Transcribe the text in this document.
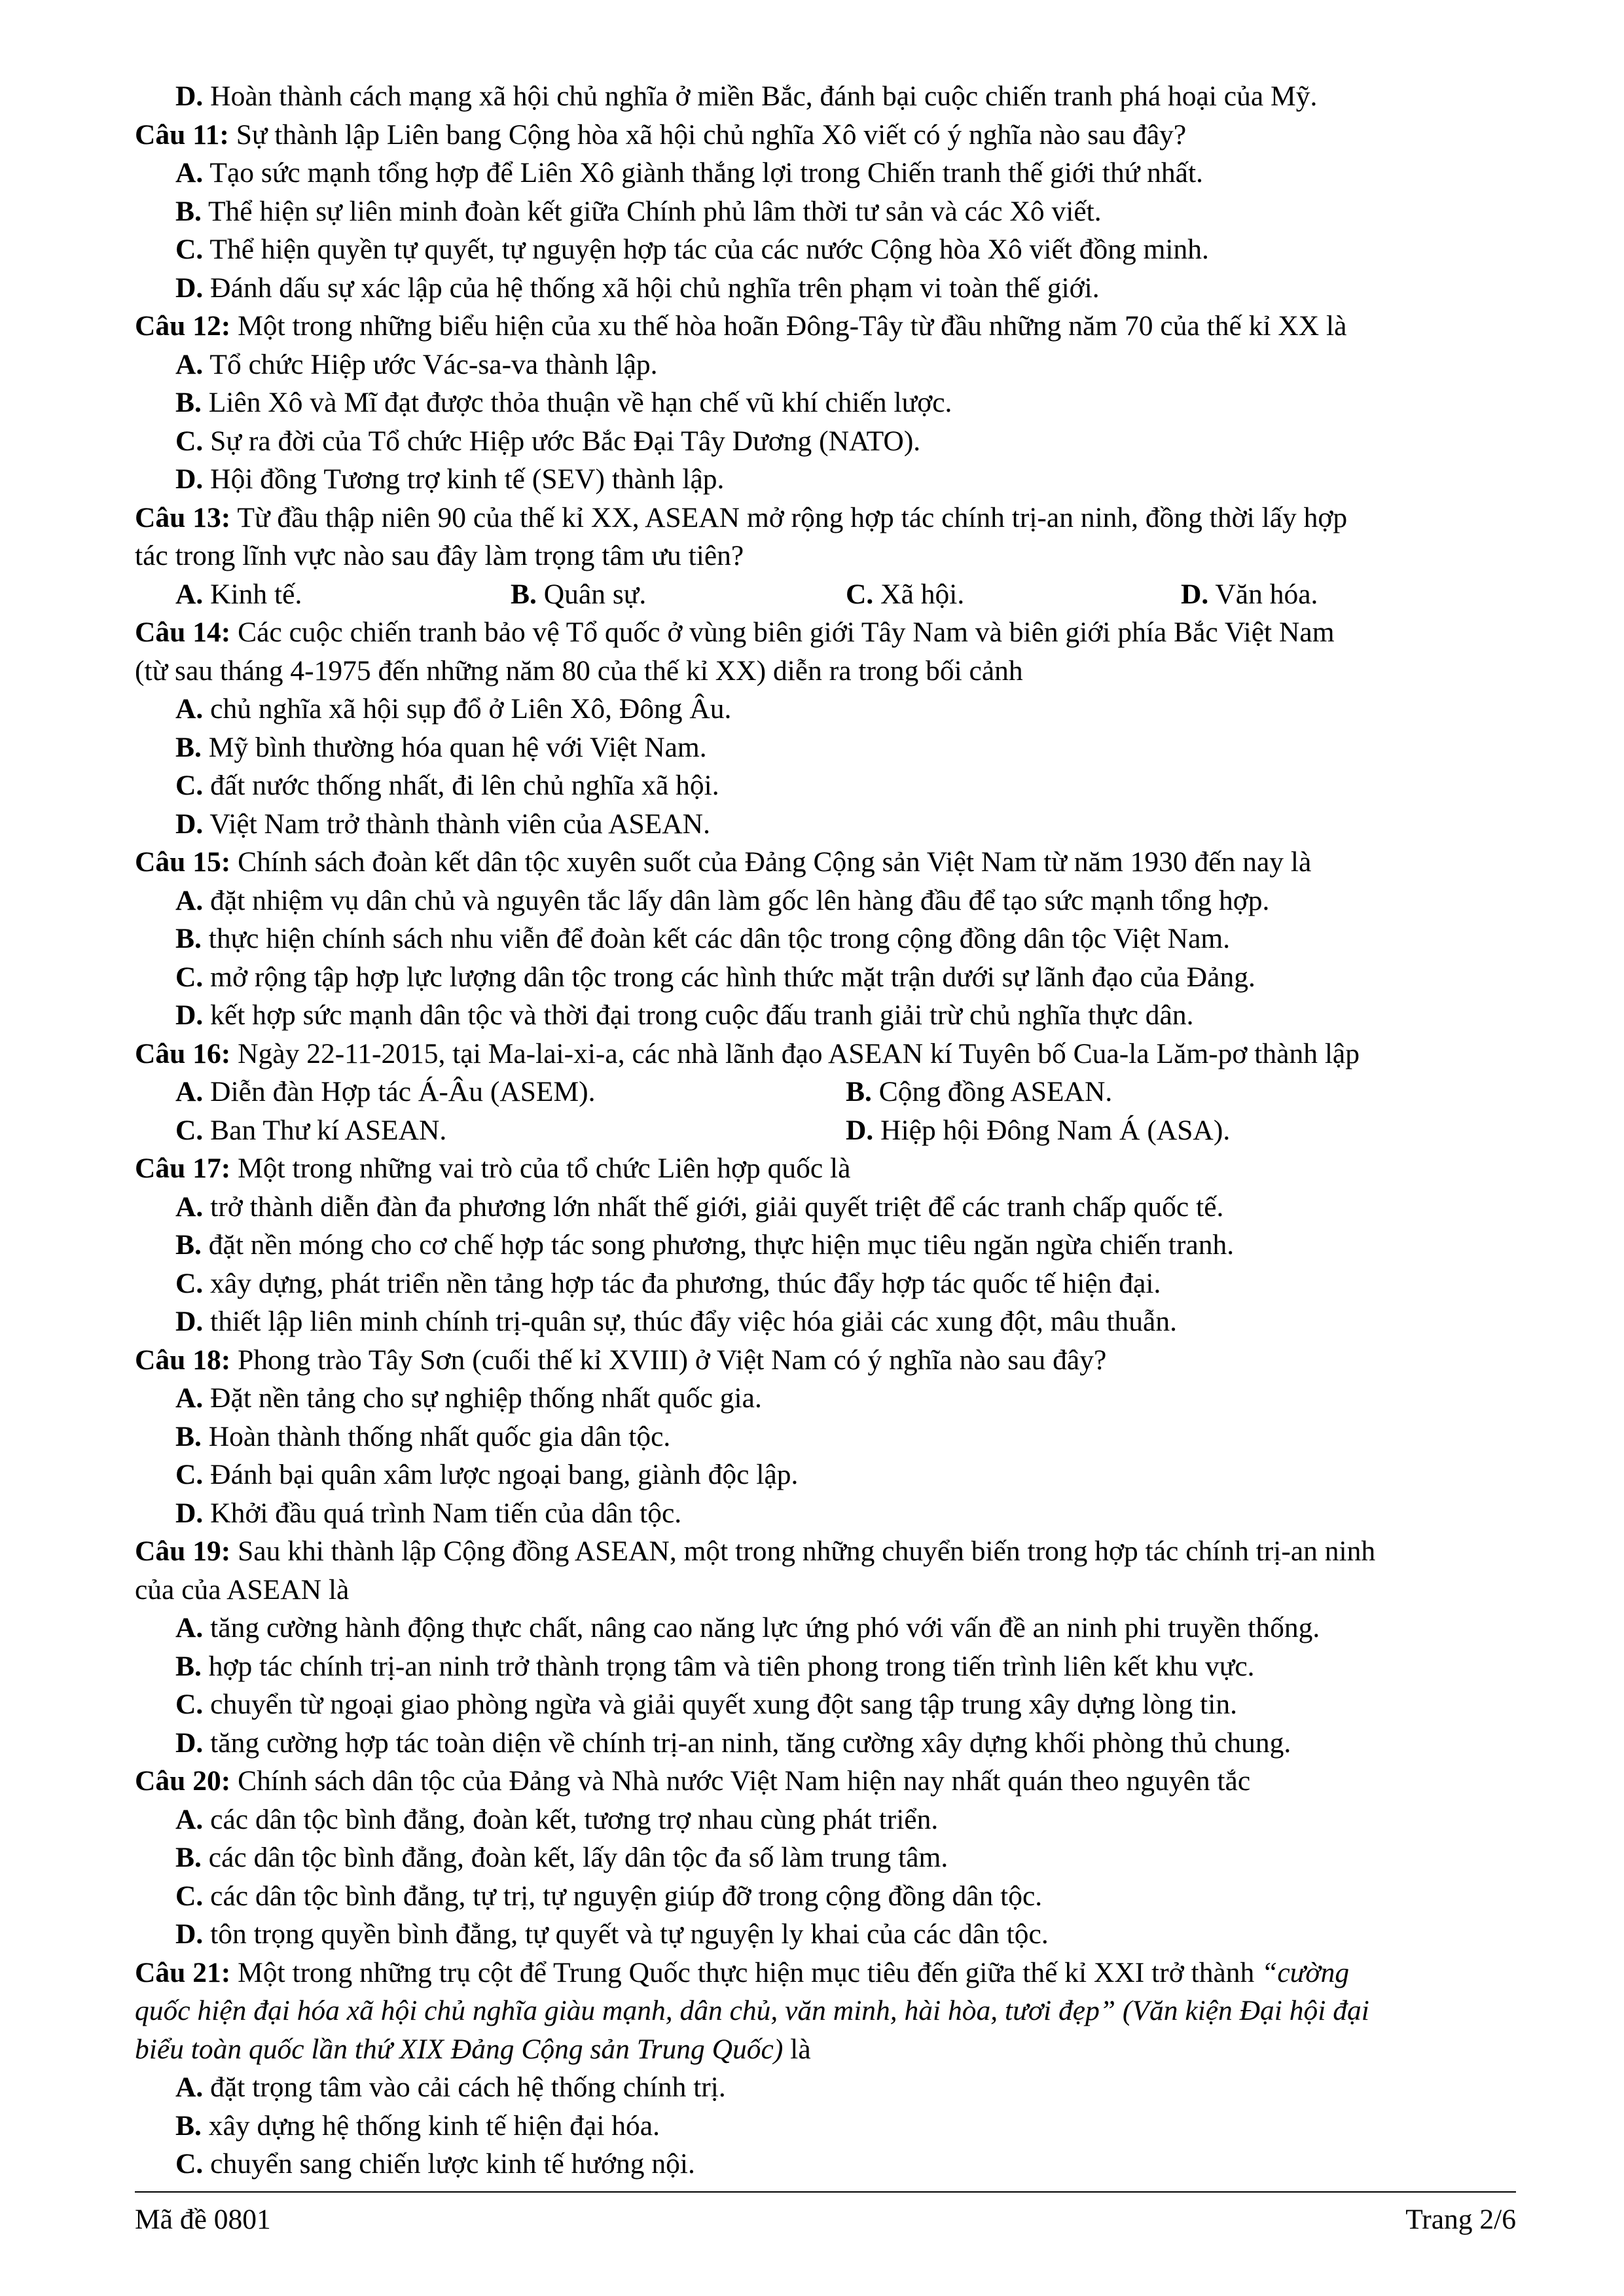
D. Hoàn thành cách mạng xã hội chủ nghĩa ở miền Bắc, đánh bại cuộc chiến tranh phá hoại của Mỹ.
Câu 11: Sự thành lập Liên bang Cộng hòa xã hội chủ nghĩa Xô viết có ý nghĩa nào sau đây?
A. Tạo sức mạnh tổng hợp để Liên Xô giành thắng lợi trong Chiến tranh thế giới thứ nhất.
B. Thể hiện sự liên minh đoàn kết giữa Chính phủ lâm thời tư sản và các Xô viết.
C. Thể hiện quyền tự quyết, tự nguyện hợp tác của các nước Cộng hòa Xô viết đồng minh.
D. Đánh dấu sự xác lập của hệ thống xã hội chủ nghĩa trên phạm vi toàn thế giới.
Câu 12: Một trong những biểu hiện của xu thế hòa hoãn Đông-Tây từ đầu những năm 70 của thế kỉ XX là
A. Tổ chức Hiệp ước Vác-sa-va thành lập.
B. Liên Xô và Mĩ đạt được thỏa thuận về hạn chế vũ khí chiến lược.
C. Sự ra đời của Tổ chức Hiệp ước Bắc Đại Tây Dương (NATO).
D. Hội đồng Tương trợ kinh tế (SEV) thành lập.
Câu 13: Từ đầu thập niên 90 của thế kỉ XX, ASEAN mở rộng hợp tác chính trị-an ninh, đồng thời lấy hợp
tác trong lĩnh vực nào sau đây làm trọng tâm ưu tiên?
A. Kinh tế.	B. Quân sự.	C. Xã hội.	D. Văn hóa.
Câu 14: Các cuộc chiến tranh bảo vệ Tổ quốc ở vùng biên giới Tây Nam và biên giới phía Bắc Việt Nam
(từ sau tháng 4-1975 đến những năm 80 của thế kỉ XX) diễn ra trong bối cảnh
A. chủ nghĩa xã hội sụp đổ ở Liên Xô, Đông Âu.
B. Mỹ bình thường hóa quan hệ với Việt Nam.
C. đất nước thống nhất, đi lên chủ nghĩa xã hội.
D. Việt Nam trở thành thành viên của ASEAN.
Câu 15: Chính sách đoàn kết dân tộc xuyên suốt của Đảng Cộng sản Việt Nam từ năm 1930 đến nay là
A. đặt nhiệm vụ dân chủ và nguyên tắc lấy dân làm gốc lên hàng đầu để tạo sức mạnh tổng hợp.
B. thực hiện chính sách nhu viễn để đoàn kết các dân tộc trong cộng đồng dân tộc Việt Nam.
C. mở rộng tập hợp lực lượng dân tộc trong các hình thức mặt trận dưới sự lãnh đạo của Đảng.
D. kết hợp sức mạnh dân tộc và thời đại trong cuộc đấu tranh giải trừ chủ nghĩa thực dân.
Câu 16: Ngày 22-11-2015, tại Ma-lai-xi-a, các nhà lãnh đạo ASEAN kí Tuyên bố Cua-la Lăm-pơ thành lập
A. Diễn đàn Hợp tác Á-Âu (ASEM).	B. Cộng đồng ASEAN.
C. Ban Thư kí ASEAN.	D. Hiệp hội Đông Nam Á (ASA).
Câu 17: Một trong những vai trò của tổ chức Liên hợp quốc là
A. trở thành diễn đàn đa phương lớn nhất thế giới, giải quyết triệt để các tranh chấp quốc tế.
B. đặt nền móng cho cơ chế hợp tác song phương, thực hiện mục tiêu ngăn ngừa chiến tranh.
C. xây dựng, phát triển nền tảng hợp tác đa phương, thúc đẩy hợp tác quốc tế hiện đại.
D. thiết lập liên minh chính trị-quân sự, thúc đẩy việc hóa giải các xung đột, mâu thuẫn.
Câu 18: Phong trào Tây Sơn (cuối thế kỉ XVIII) ở Việt Nam có ý nghĩa nào sau đây?
A. Đặt nền tảng cho sự nghiệp thống nhất quốc gia.
B. Hoàn thành thống nhất quốc gia dân tộc.
C. Đánh bại quân xâm lược ngoại bang, giành độc lập.
D. Khởi đầu quá trình Nam tiến của dân tộc.
Câu 19: Sau khi thành lập Cộng đồng ASEAN, một trong những chuyển biến trong hợp tác chính trị-an ninh
của của ASEAN là
A. tăng cường hành động thực chất, nâng cao năng lực ứng phó với vấn đề an ninh phi truyền thống.
B. hợp tác chính trị-an ninh trở thành trọng tâm và tiên phong trong tiến trình liên kết khu vực.
C. chuyển từ ngoại giao phòng ngừa và giải quyết xung đột sang tập trung xây dựng lòng tin.
D. tăng cường hợp tác toàn diện về chính trị-an ninh, tăng cường xây dựng khối phòng thủ chung.
Câu 20: Chính sách dân tộc của Đảng và Nhà nước Việt Nam hiện nay nhất quán theo nguyên tắc
A. các dân tộc bình đẳng, đoàn kết, tương trợ nhau cùng phát triển.
B. các dân tộc bình đẳng, đoàn kết, lấy dân tộc đa số làm trung tâm.
C. các dân tộc bình đẳng, tự trị, tự nguyện giúp đỡ trong cộng đồng dân tộc.
D. tôn trọng quyền bình đẳng, tự quyết và tự nguyện ly khai của các dân tộc.
Câu 21: Một trong những trụ cột để Trung Quốc thực hiện mục tiêu đến giữa thế kỉ XXI trở thành “cường
quốc hiện đại hóa xã hội chủ nghĩa giàu mạnh, dân chủ, văn minh, hài hòa, tươi đẹp” (Văn kiện Đại hội đại
biểu toàn quốc lần thứ XIX Đảng Cộng sản Trung Quốc) là
A. đặt trọng tâm vào cải cách hệ thống chính trị.
B. xây dựng hệ thống kinh tế hiện đại hóa.
C. chuyển sang chiến lược kinh tế hướng nội.
Mã đề 0801	Trang 2/6
